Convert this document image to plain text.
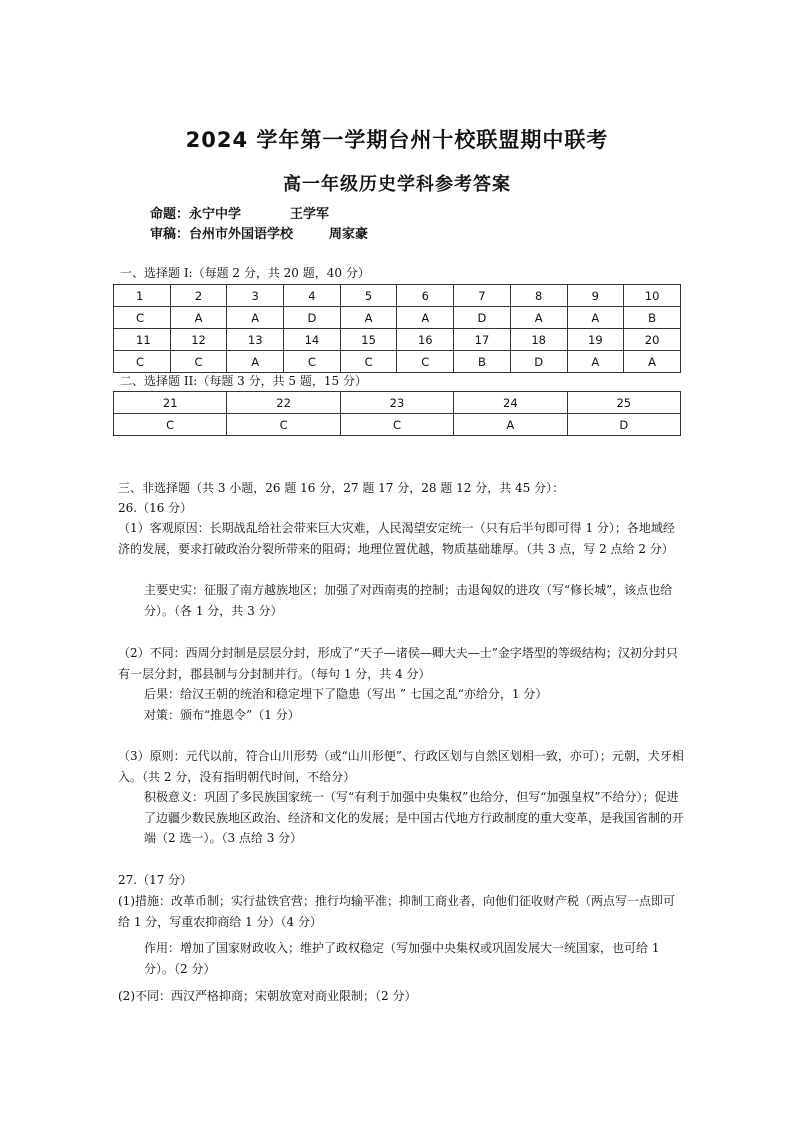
2024 学年第一学期台州十校联盟期中联考
高一年级历史学科参考答案
命题：永宁中学	王学军
审稿：台州市外国语学校	周家豪
一、选择题 I:（每题 2 分，共 20 题，40 分）
1	2	3	4	5	6	7	8	9	10
C	A	A	D	A	A	D	A	A	B
11	12	13	14	15	16	17	18	19	20
C	C	A	C	C	C	B	D	A	A
二、选择题 II:（每题 3 分，共 5 题，15 分）
21	22	23	24	25
C	C	C	A	D
三、非选择题（共 3 小题，26 题 16 分，27 题 17 分，28 题 12 分，共 45 分）：
26.（16 分）
（1）客观原因：长期战乱给社会带来巨大灾难，人民渴望安定统一（只有后半句即可得 1 分）；各地域经济的发展，要求打破政治分裂所带来的阻碍；地理位置优越，物质基础雄厚。（共 3 点，写 2 点给 2 分）
主要史实：征服了南方越族地区；加强了对西南夷的控制；击退匈奴的进攻（写“修长城”，该点也给分）。（各 1 分，共 3 分）
（2）不同：西周分封制是层层分封，形成了“天子—诸侯—卿大夫—士”金字塔型的等级结构；汉初分封只有一层分封，郡县制与分封制并行。（每句 1 分，共 4 分）
后果：给汉王朝的统治和稳定埋下了隐患（写出 ” 七国之乱“亦给分，1 分）
对策：颁布“推恩令”（1 分）
（3）原则：元代以前，符合山川形势（或“山川形便”、行政区划与自然区划相一致，亦可）；元朝，犬牙相入。（共 2 分，没有指明朝代时间，不给分）
积极意义：巩固了多民族国家统一（写“有利于加强中央集权”也给分，但写“加强皇权”不给分）；促进了边疆少数民族地区政治、经济和文化的发展；是中国古代地方行政制度的重大变革，是我国省制的开端（2 选一）。（3 点给 3 分）
27.（17 分）
(1)措施：改革币制；实行盐铁官营；推行均输平准；抑制工商业者，向他们征收财产税（两点写一点即可给 1 分，写重农抑商给 1 分）（4 分）
作用：增加了国家财政收入；维护了政权稳定（写加强中央集权或巩固发展大一统国家，也可给 1 分）。（2 分）
(2)不同：西汉严格抑商；宋朝放宽对商业限制；（2 分）
